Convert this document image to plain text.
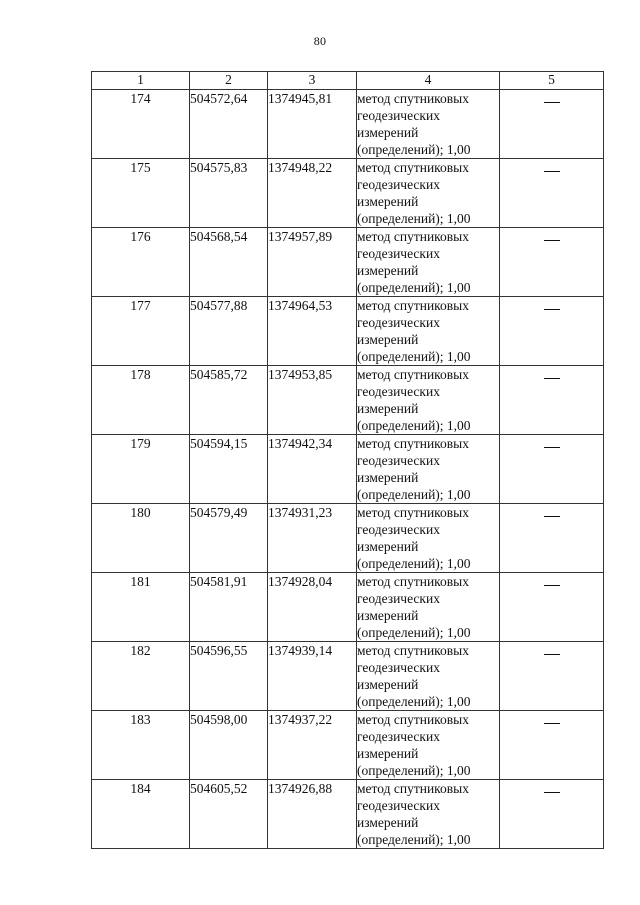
80
1	2	3	4	5
174	504572,64	1374945,81	метод спутниковых геодезических измерений (определений); 1,00	
175	504575,83	1374948,22	метод спутниковых геодезических измерений (определений); 1,00	
176	504568,54	1374957,89	метод спутниковых геодезических измерений (определений); 1,00	
177	504577,88	1374964,53	метод спутниковых геодезических измерений (определений); 1,00	
178	504585,72	1374953,85	метод спутниковых геодезических измерений (определений); 1,00	
179	504594,15	1374942,34	метод спутниковых геодезических измерений (определений); 1,00	
180	504579,49	1374931,23	метод спутниковых геодезических измерений (определений); 1,00	
181	504581,91	1374928,04	метод спутниковых геодезических измерений (определений); 1,00	
182	504596,55	1374939,14	метод спутниковых геодезических измерений (определений); 1,00	
183	504598,00	1374937,22	метод спутниковых геодезических измерений (определений); 1,00	
184	504605,52	1374926,88	метод спутниковых геодезических измерений (определений); 1,00	
